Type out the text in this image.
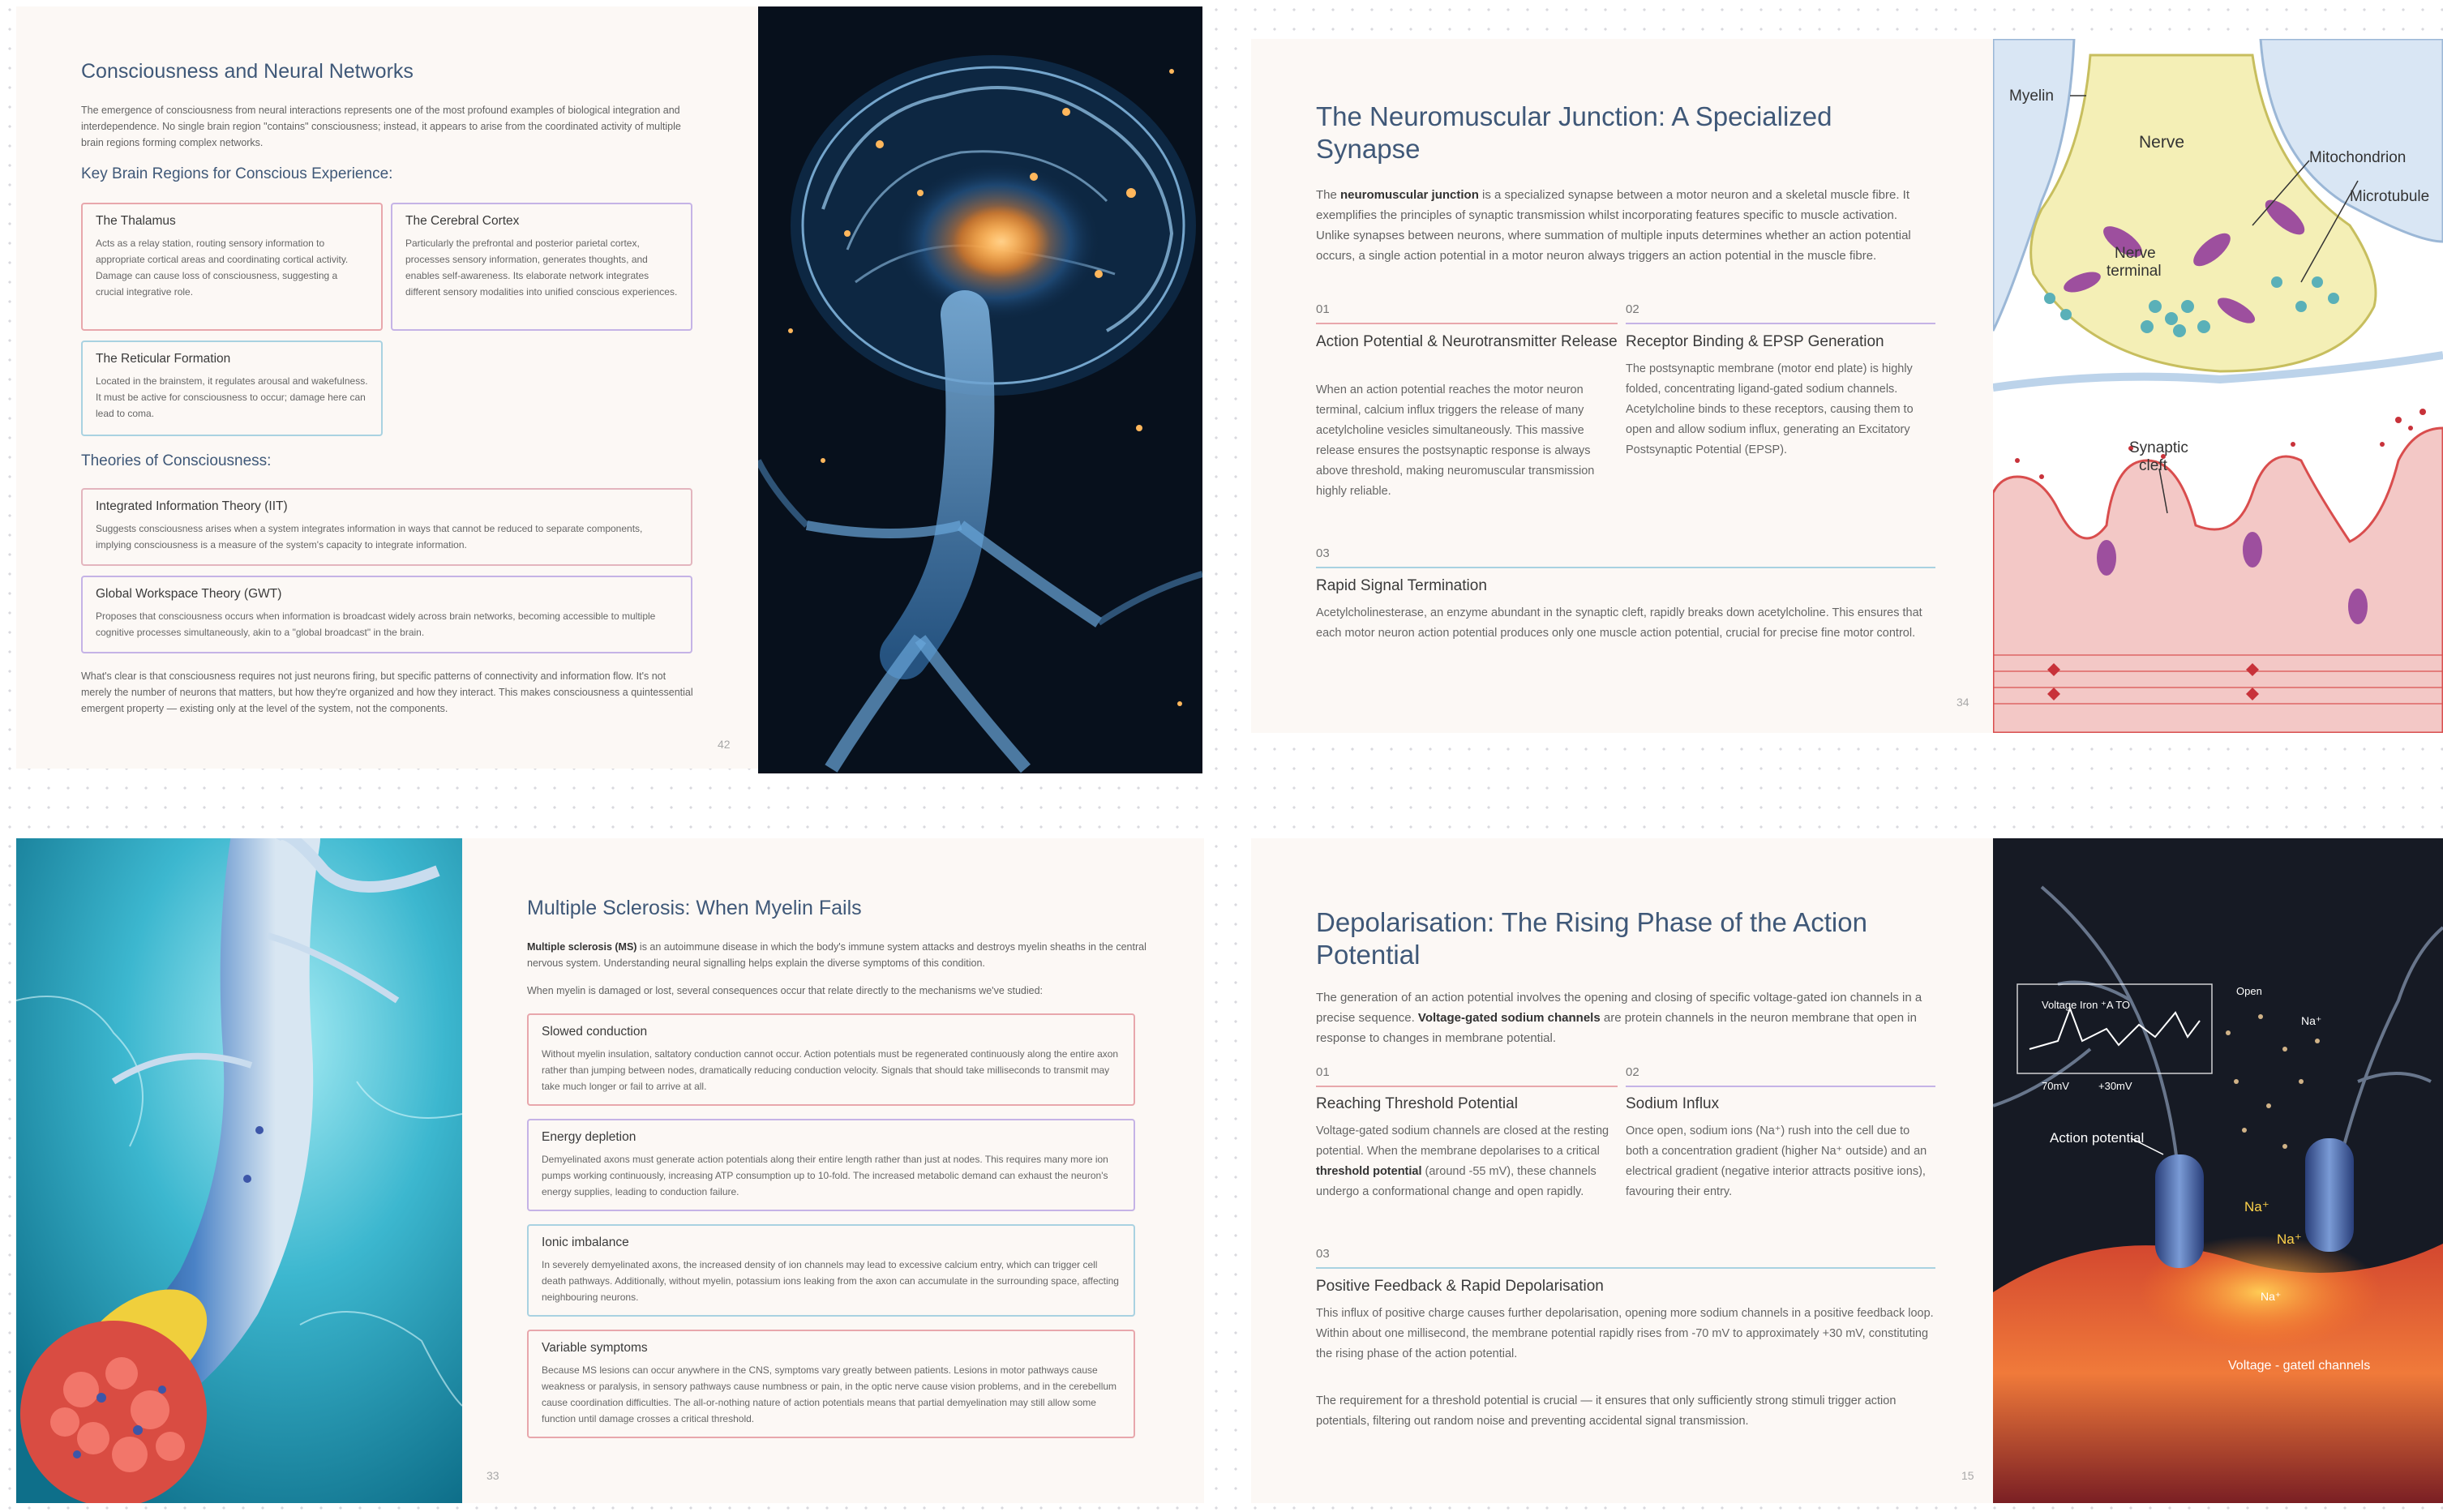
Consciousness and Neural Networks

The emergence of consciousness from neural interactions represents one of the most profound examples of biological integration and interdependence. No single brain region "contains" consciousness; instead, it appears to arise from the coordinated activity of multiple brain regions forming complex networks.

Key Brain Regions for Conscious Experience:
The Thalamus
Acts as a relay station, routing sensory information to appropriate cortical areas and coordinating cortical activity. Damage can cause loss of consciousness, suggesting a crucial integrative role.
The Cerebral Cortex
Particularly the prefrontal and posterior parietal cortex, processes sensory information, generates thoughts, and enables self-awareness. Its elaborate network integrates different sensory modalities into unified conscious experiences.
The Reticular Formation
Located in the brainstem, it regulates arousal and wakefulness. It must be active for consciousness to occur; damage here can lead to coma.
Theories of Consciousness:
Integrated Information Theory (IIT)
Suggests consciousness arises when a system integrates information in ways that cannot be reduced to separate components, implying consciousness is a measure of the system's capacity to integrate information.
Global Workspace Theory (GWT)
Proposes that consciousness occurs when information is broadcast widely across brain networks, becoming accessible to multiple cognitive processes simultaneously, akin to a "global broadcast" in the brain.

What's clear is that consciousness requires not just neurons firing, but specific patterns of connectivity and information flow. It's not merely the number of neurons that matters, but how they're organized and how they interact. This makes consciousness a quintessential emergent property — existing only at the level of the system, not the components.

42
The Neuromuscular Junction: A Specialized Synapse

The neuromuscular junction is a specialized synapse between a motor neuron and a skeletal muscle fibre. It exemplifies the principles of synaptic transmission whilst incorporating features specific to muscle activation. Unlike synapses between neurons, where summation of multiple inputs determines whether an action potential occurs, a single action potential in a motor neuron always triggers an action potential in the muscle fibre.

01
Action Potential & Neurotransmitter Release
When an action potential reaches the motor neuron terminal, calcium influx triggers the release of many acetylcholine vesicles simultaneously. This massive release ensures the postsynaptic response is always above threshold, making neuromuscular transmission highly reliable.
02
Receptor Binding & EPSP Generation
The postsynaptic membrane (motor end plate) is highly folded, concentrating ligand-gated sodium channels. Acetylcholine binds to these receptors, causing them to open and allow sodium influx, generating an Excitatory Postsynaptic Potential (EPSP).
03
Rapid Signal Termination
Acetylcholinesterase, an enzyme abundant in the synaptic cleft, rapidly breaks down acetylcholine. This ensures that each motor neuron action potential produces only one muscle action potential, crucial for precise fine motor control.
34
Myelin
Nerve
Mitochondrion
Microtubule
Nerve
terminal
Synaptic
cleft
Multiple Sclerosis: When Myelin Fails

Multiple sclerosis (MS) is an autoimmune disease in which the body's immune system attacks and destroys myelin sheaths in the central nervous system. Understanding neural signalling helps explain the diverse symptoms of this condition.

When myelin is damaged or lost, several consequences occur that relate directly to the mechanisms we've studied:

Slowed conduction
Without myelin insulation, saltatory conduction cannot occur. Action potentials must be regenerated continuously along the entire axon rather than jumping between nodes, dramatically reducing conduction velocity. Signals that should take milliseconds to transmit may take much longer or fail to arrive at all.
Energy depletion
Demyelinated axons must generate action potentials along their entire length rather than just at nodes. This requires many more ion pumps working continuously, increasing ATP consumption up to 10-fold. The increased metabolic demand can exhaust the neuron's energy supplies, leading to conduction failure.
Ionic imbalance
In severely demyelinated axons, the increased density of ion channels may lead to excessive calcium entry, which can trigger cell death pathways. Additionally, without myelin, potassium ions leaking from the axon can accumulate in the surrounding space, affecting neighbouring neurons.
Variable symptoms
Because MS lesions can occur anywhere in the CNS, symptoms vary greatly between patients. Lesions in motor pathways cause weakness or paralysis, in sensory pathways cause numbness or pain, in the optic nerve cause vision problems, and in the cerebellum cause coordination difficulties. The all-or-nothing nature of action potentials means that partial demyelination may still allow some function until damage crosses a critical threshold.
33
Depolarisation: The Rising Phase of the Action Potential

The generation of an action potential involves the opening and closing of specific voltage-gated ion channels in a precise sequence. Voltage-gated sodium channels are protein channels in the neuron membrane that open in response to changes in membrane potential.

01
Reaching Threshold Potential
Voltage-gated sodium channels are closed at the resting potential. When the membrane depolarises to a critical threshold potential (around -55 mV), these channels undergo a conformational change and open rapidly.
02
Sodium Influx
Once open, sodium ions (Na⁺) rush into the cell due to both a concentration gradient (higher Na⁺ outside) and an electrical gradient (negative interior attracts positive ions), favouring their entry.
03
Positive Feedback & Rapid Depolarisation
This influx of positive charge causes further depolarisation, opening more sodium channels in a positive feedback loop. Within about one millisecond, the membrane potential rapidly rises from -70 mV to approximately +30 mV, constituting the rising phase of the action potential.

The requirement for a threshold potential is crucial — it ensures that only sufficiently strong stimuli trigger action potentials, filtering out random noise and preventing accidental signal transmission.

15
Voltage Iron ⁺A TO
70mV	+30mV
Action potential
Na⁺
Na⁺
Na⁺
Na⁺
Open
Voltage - gatetl channels
